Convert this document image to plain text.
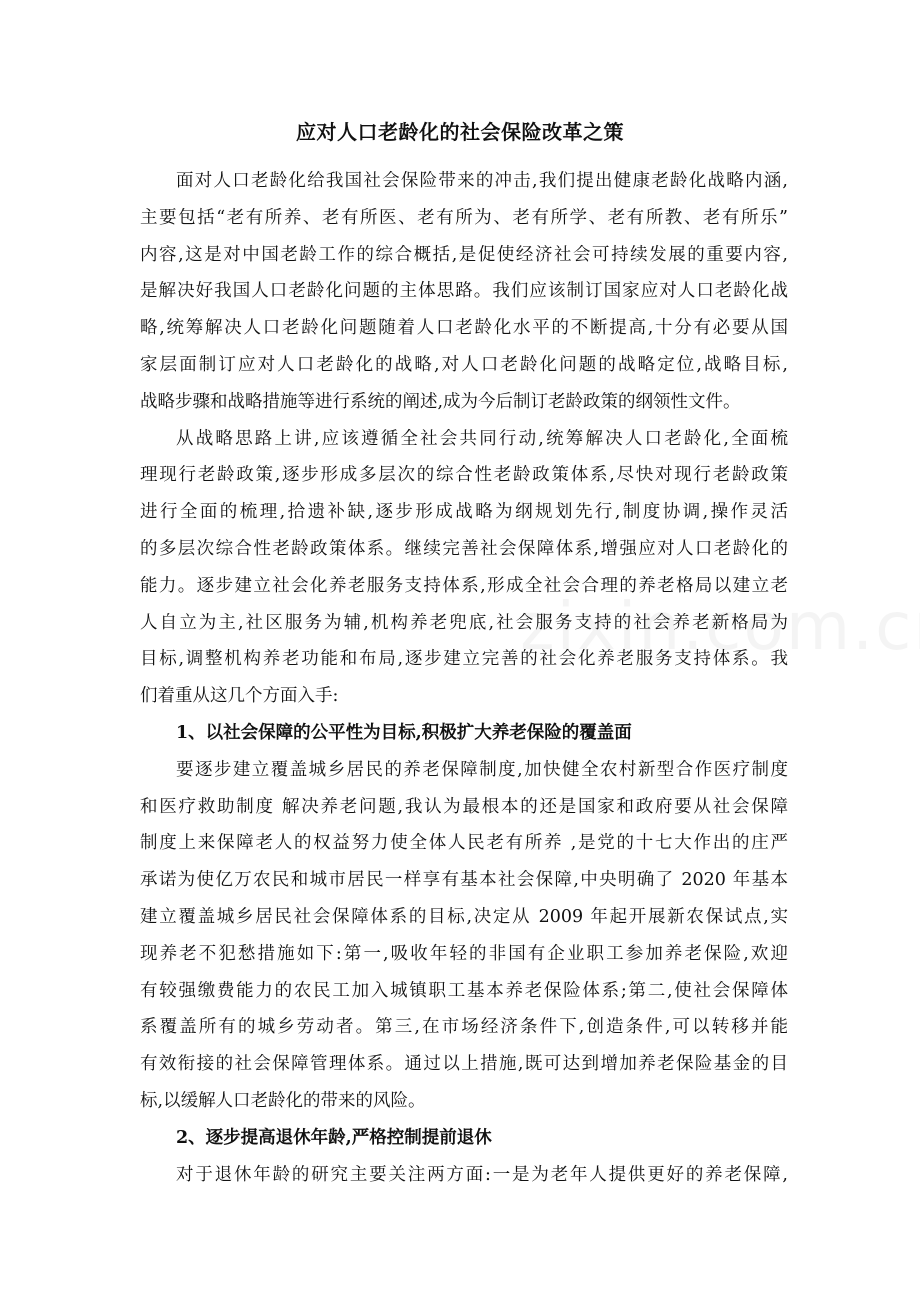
应对人口老龄化的社会保险改革之策
面对人口老龄化给我国社会保险带来的冲击,我们提出健康老龄化战略内涵,
主要包括“老有所养、老有所医、老有所为、老有所学、老有所教、老有所乐”
内容,这是对中国老龄工作的综合概括,是促使经济社会可持续发展的重要内容,
是解决好我国人口老龄化问题的主体思路。我们应该制订国家应对人口老龄化战
略,统筹解决人口老龄化问题随着人口老龄化水平的不断提高,十分有必要从国
家层面制订应对人口老龄化的战略,对人口老龄化问题的战略定位,战略目标,
战略步骤和战略措施等进行系统的阐述,成为今后制订老龄政策的纲领性文件。
从战略思路上讲,应该遵循全社会共同行动,统筹解决人口老龄化,全面梳
理现行老龄政策,逐步形成多层次的综合性老龄政策体系,尽快对现行老龄政策
进行全面的梳理,拾遗补缺,逐步形成战略为纲规划先行,制度协调,操作灵活
的多层次综合性老龄政策体系。继续完善社会保障体系,增强应对人口老龄化的
能力。逐步建立社会化养老服务支持体系,形成全社会合理的养老格局以建立老
人自立为主,社区服务为辅,机构养老兜底,社会服务支持的社会养老新格局为
目标,调整机构养老功能和布局,逐步建立完善的社会化养老服务支持体系。我
们着重从这几个方面入手:
1、以社会保障的公平性为目标,积极扩大养老保险的覆盖面
要逐步建立覆盖城乡居民的养老保障制度,加快健全农村新型合作医疗制度
和医疗救助制度 解决养老问题,我认为最根本的还是国家和政府要从社会保障
制度上来保障老人的权益努力使全体人民老有所养 ,是党的十七大作出的庄严
承诺为使亿万农民和城市居民一样享有基本社会保障,中央明确了 2020 年基本
建立覆盖城乡居民社会保障体系的目标,决定从 2009 年起开展新农保试点,实
现养老不犯愁措施如下:第一,吸收年轻的非国有企业职工参加养老保险,欢迎
有较强缴费能力的农民工加入城镇职工基本养老保险体系;第二,使社会保障体
系覆盖所有的城乡劳动者。第三,在市场经济条件下,创造条件,可以转移并能
有效衔接的社会保障管理体系。通过以上措施,既可达到增加养老保险基金的目
标,以缓解人口老龄化的带来的风险。
2、逐步提高退休年龄,严格控制提前退休
对于退休年龄的研究主要关注两方面:一是为老年人提供更好的养老保障,
